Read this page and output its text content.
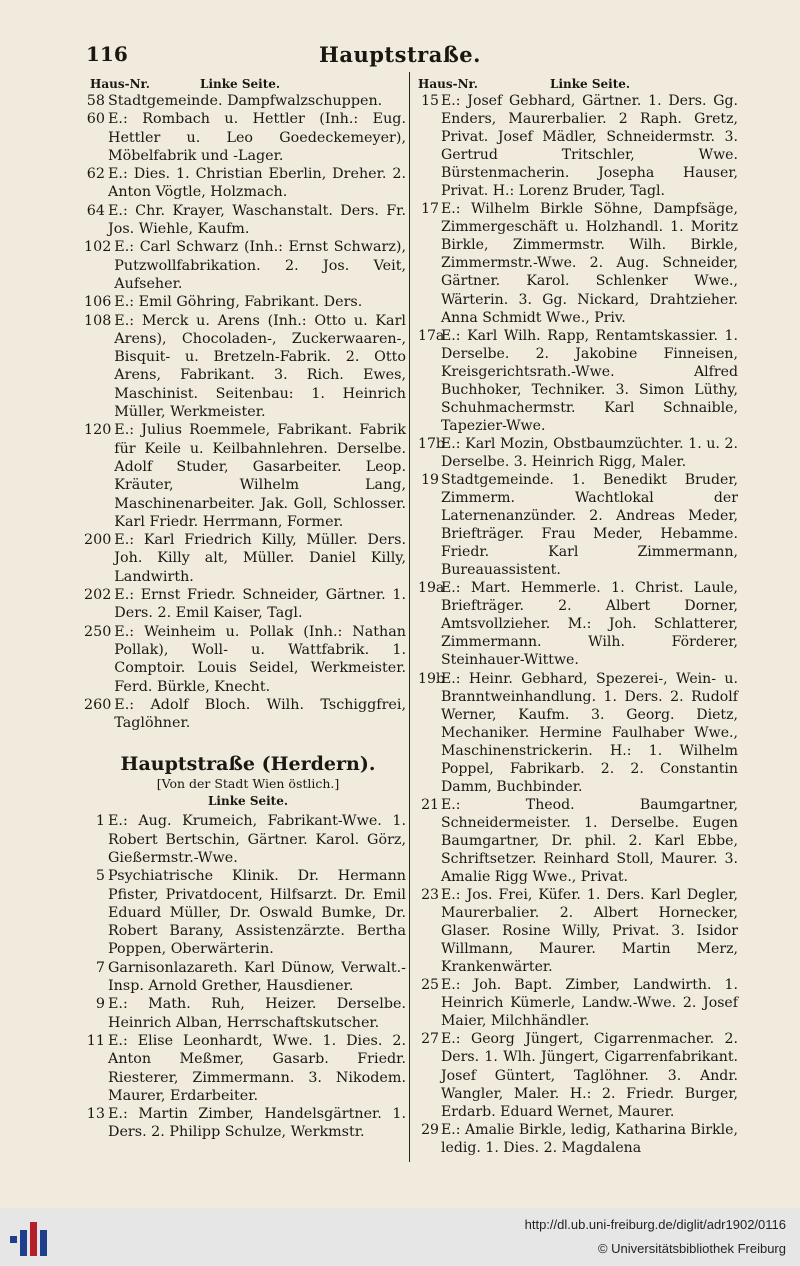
116	Hauptstraße.
Haus-Nr.	Linke Seite.
58 Stadtgemeinde. Dampfwalzschuppen.
60 E.: Rombach u. Hettler (Inh.: Eug. Hettler u. Leo Goedeckemeyer), Möbelfabrik und -Lager.
62 E.: Dies. 1. Christian Eberlin, Dreher. 2. Anton Vögtle, Holzmach.
64 E.: Chr. Krayer, Waschanstalt. Ders. Fr. Jos. Wiehle, Kaufm.
102 E.: Carl Schwarz (Inh.: Ernst Schwarz), Putzwollfabrikation. 2. Jos. Veit, Aufseher.
106 E.: Emil Göhring, Fabrikant. Ders.
108 E.: Merck u. Arens (Inh.: Otto u. Karl Arens), Chocoladen-, Zuckerwaaren-, Bisquit- u. Bretzeln-Fabrik. 2. Otto Arens, Fabrikant. 3. Rich. Ewes, Maschinist. Seitenbau: 1. Heinrich Müller, Werkmeister.
120 E.: Julius Roemmele, Fabrikant. Fabrik für Keile u. Keilbahnlehren. Derselbe. Adolf Studer, Gasarbeiter. Leop. Kräuter, Wilhelm Lang, Maschinenarbeiter. Jak. Goll, Schlosser. Karl Friedr. Herrmann, Former.
200 E.: Karl Friedrich Killy, Müller. Ders. Joh. Killy alt, Müller. Daniel Killy, Landwirth.
202 E.: Ernst Friedr. Schneider, Gärtner. 1. Ders. 2. Emil Kaiser, Tagl.
250 E.: Weinheim u. Pollak (Inh.: Nathan Pollak), Woll- u. Wattfabrik. 1. Comptoir. Louis Seidel, Werkmeister. Ferd. Bürkle, Knecht.
260 E.: Adolf Bloch. Wilh. Tschiggfrei, Taglöhner.
Hauptstraße (Herdern).
[Von der Stadt Wien östlich.]
Linke Seite.
1 E.: Aug. Krumeich, Fabrikant-Wwe. 1. Robert Bertschin, Gärtner. Karol. Görz, Gießermstr.-Wwe.
5 Psychiatrische Klinik. Dr. Hermann Pfister, Privatdocent, Hilfsarzt. Dr. Emil Eduard Müller, Dr. Oswald Bumke, Dr. Robert Barany, Assistenzärzte. Bertha Poppen, Oberwärterin.
7 Garnisonlazareth. Karl Dünow, Verwalt.-Insp. Arnold Grether, Hausdiener.
9 E.: Math. Ruh, Heizer. Derselbe. Heinrich Alban, Herrschaftskutscher.
11 E.: Elise Leonhardt, Wwe. 1. Dies. 2. Anton Meßmer, Gasarb. Friedr. Riesterer, Zimmermann. 3. Nikodem. Maurer, Erdarbeiter.
13 E.: Martin Zimber, Handelsgärtner. 1. Ders. 2. Philipp Schulze, Werkmstr.
Haus-Nr.	Linke Seite.
15 E.: Josef Gebhard, Gärtner. 1. Ders. Gg. Enders, Maurerbalier. 2 Raph. Gretz, Privat. Josef Mädler, Schneidermstr. 3. Gertrud Tritschler, Wwe. Bürstenmacherin. Josepha Hauser, Privat. H.: Lorenz Bruder, Tagl.
17 E.: Wilhelm Birkle Söhne, Dampfsäge, Zimmergeschäft u. Holzhandl. 1. Moritz Birkle, Zimmermstr. Wilh. Birkle, Zimmermstr.-Wwe. 2. Aug. Schneider, Gärtner. Karol. Schlenker Wwe., Wärterin. 3. Gg. Nickard, Drahtzieher. Anna Schmidt Wwe., Priv.
17a
E.: Karl Wilh. Rapp, Rentamtskassier. 1. Derselbe. 2. Jakobine Finneisen, Kreisgerichtsrath.-Wwe. Alfred Buchhoker, Techniker. 3. Simon Lüthy, Schuhmachermstr. Karl Schnaible, Tapezier-Wwe.
17b
E.: Karl Mozin, Obstbaumzüchter. 1. u. 2. Derselbe. 3. Heinrich Rigg, Maler.
19 Stadtgemeinde. 1. Benedikt Bruder, Zimmerm. Wachtlokal der Laternenanzünder. 2. Andreas Meder, Briefträger. Frau Meder, Hebamme. Friedr. Karl Zimmermann, Bureauassistent.
19a
E.: Mart. Hemmerle. 1. Christ. Laule, Briefträger. 2. Albert Dorner, Amtsvollzieher. M.: Joh. Schlatterer, Zimmermann. Wilh. Förderer, Steinhauer-Wittwe.
19b
E.: Heinr. Gebhard, Spezerei-, Wein- u. Branntweinhandlung. 1. Ders. 2. Rudolf Werner, Kaufm. 3. Georg. Dietz, Mechaniker. Hermine Faulhaber Wwe., Maschinenstrickerin. H.: 1. Wilhelm Poppel, Fabrikarb. 2. 2. Constantin Damm, Buchbinder.
21 E.: Theod. Baumgartner, Schneidermeister. 1. Derselbe. Eugen Baumgartner, Dr. phil. 2. Karl Ebbe, Schriftsetzer. Reinhard Stoll, Maurer. 3. Amalie Rigg Wwe., Privat.
23 E.: Jos. Frei, Küfer. 1. Ders. Karl Degler, Maurerbalier. 2. Albert Hornecker, Glaser. Rosine Willy, Privat. 3. Isidor Willmann, Maurer. Martin Merz, Krankenwärter.
25 E.: Joh. Bapt. Zimber, Landwirth. 1. Heinrich Kümerle, Landw.-Wwe. 2. Josef Maier, Milchhändler.
27 E.: Georg Jüngert, Cigarrenmacher. 2. Ders. 1. Wlh. Jüngert, Cigarrenfabrikant. Josef Güntert, Taglöhner. 3. Andr. Wangler, Maler. H.: 2. Friedr. Burger, Erdarb. Eduard Wernet, Maurer.
29 E.: Amalie Birkle, ledig, Katharina Birkle, ledig. 1. Dies. 2. Magdalena
http://dl.ub.uni-freiburg.de/diglit/adr1902/0116
© Universitätsbibliothek Freiburg
